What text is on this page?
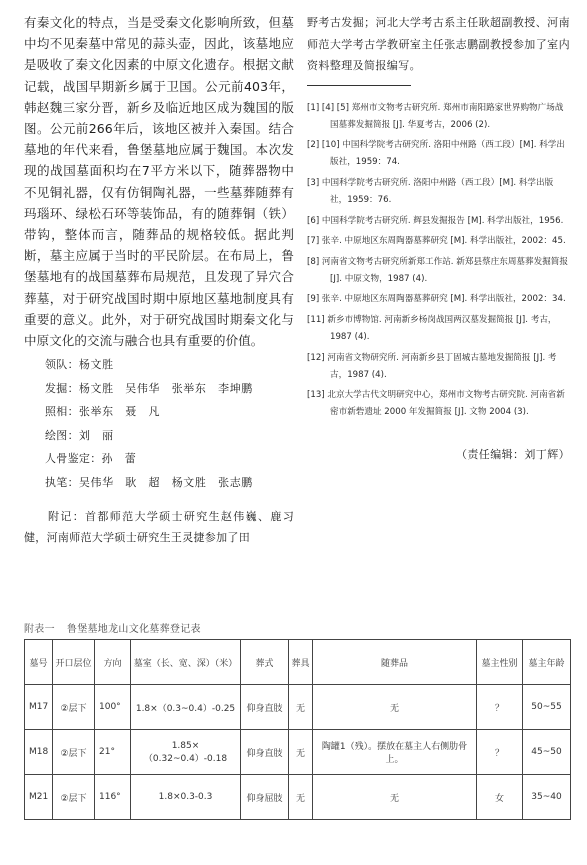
有秦文化的特点，当是受秦文化影响所致，但墓中均不见秦墓中常见的蒜头壶，因此，该墓地应是吸收了秦文化因素的中原文化遗存。根据文献记载，战国早期新乡属于卫国。公元前403年，韩赵魏三家分晋，新乡及临近地区成为魏国的版图。公元前266年后，该地区被并入秦国。结合墓地的年代来看，鲁堡墓地应属于魏国。本次发现的战国墓面积均在7平方米以下，随葬器物中不见铜礼器，仅有仿铜陶礼器，一些墓葬随葬有玛瑙环、绿松石环等装饰品，有的随葬铜（铁）带钩，整体而言，随葬品的规格较低。据此判断，墓主应属于当时的平民阶层。在布局上，鲁堡墓地有的战国墓葬布局规范，且发现了异穴合葬墓，对于研究战国时期中原地区墓地制度具有重要的意义。此外，对于研究战国时期秦文化与中原文化的交流与融合也具有重要的价值。

领队：杨文胜
发掘：杨文胜　吴伟华　张举东　李坤鹏
照相：张举东　聂　凡
绘图：刘　丽
人骨鉴定：孙　蕾
执笔：吴伟华　耿　超　杨文胜　张志鹏
附记：首都师范大学硕士研究生赵伟巍、鹿习健，河南师范大学硕士研究生王灵捷参加了田

野考古发掘；河北大学考古系主任耿超副教授、河南师范大学考古学教研室主任张志鹏副教授参加了室内资料整理及简报编写。

[1] [4] [5] 郑州市文物考古研究所. 郑州市南阳路家世界购物广场战国墓葬发掘简报 [J]. 华夏考古，2006 (2).
[2] [10] 中国科学院考古研究所. 洛阳中州路（西工段）[M]. 科学出版社，1959：74.
[3] 中国科学院考古研究所. 洛阳中州路（西工段）[M]. 科学出版社，1959：76.
[6] 中国科学院考古研究所. 辉县发掘报告 [M]. 科学出版社，1956.
[7] 张辛. 中原地区东周陶器墓葬研究 [M]. 科学出版社，2002：45.
[8] 河南省文物考古研究所新郑工作站. 新郑县蔡庄东周墓葬发掘简报 [J]. 中原文物，1987 (4).
[9] 张辛. 中原地区东周陶器墓葬研究 [M]. 科学出版社，2002：34.
[11] 新乡市博物馆. 河南新乡杨岗战国两汉墓发掘简报 [J]. 考古，1987 (4).
[12] 河南省文物研究所. 河南新乡县丁固城古墓地发掘简报 [J]. 考古，1987 (4).
[13] 北京大学古代文明研究中心，郑州市文物考古研究院. 河南省新密市新砦遗址 2000 年发掘简报 [J]. 文物 2004 (3).
（责任编辑：刘丁辉）
附表一 鲁堡墓地龙山文化墓葬登记表
墓号	开口层位	方向	墓室（长、宽、深）（米）	葬式	葬具	随葬品	墓主性别	墓主年龄
M17	②层下	100°	1.8×（0.3~0.4）-0.25	仰身直肢	无	无	？	50~55
M18	②层下	21°	1.85×（0.32~0.4）-0.18	仰身直肢	无	陶罐1（残）。摆放在墓主人右侧肋骨上。	？	45~50
M21	②层下	116°	1.8×0.3-0.3	仰身屈肢	无	无	女	35~40
